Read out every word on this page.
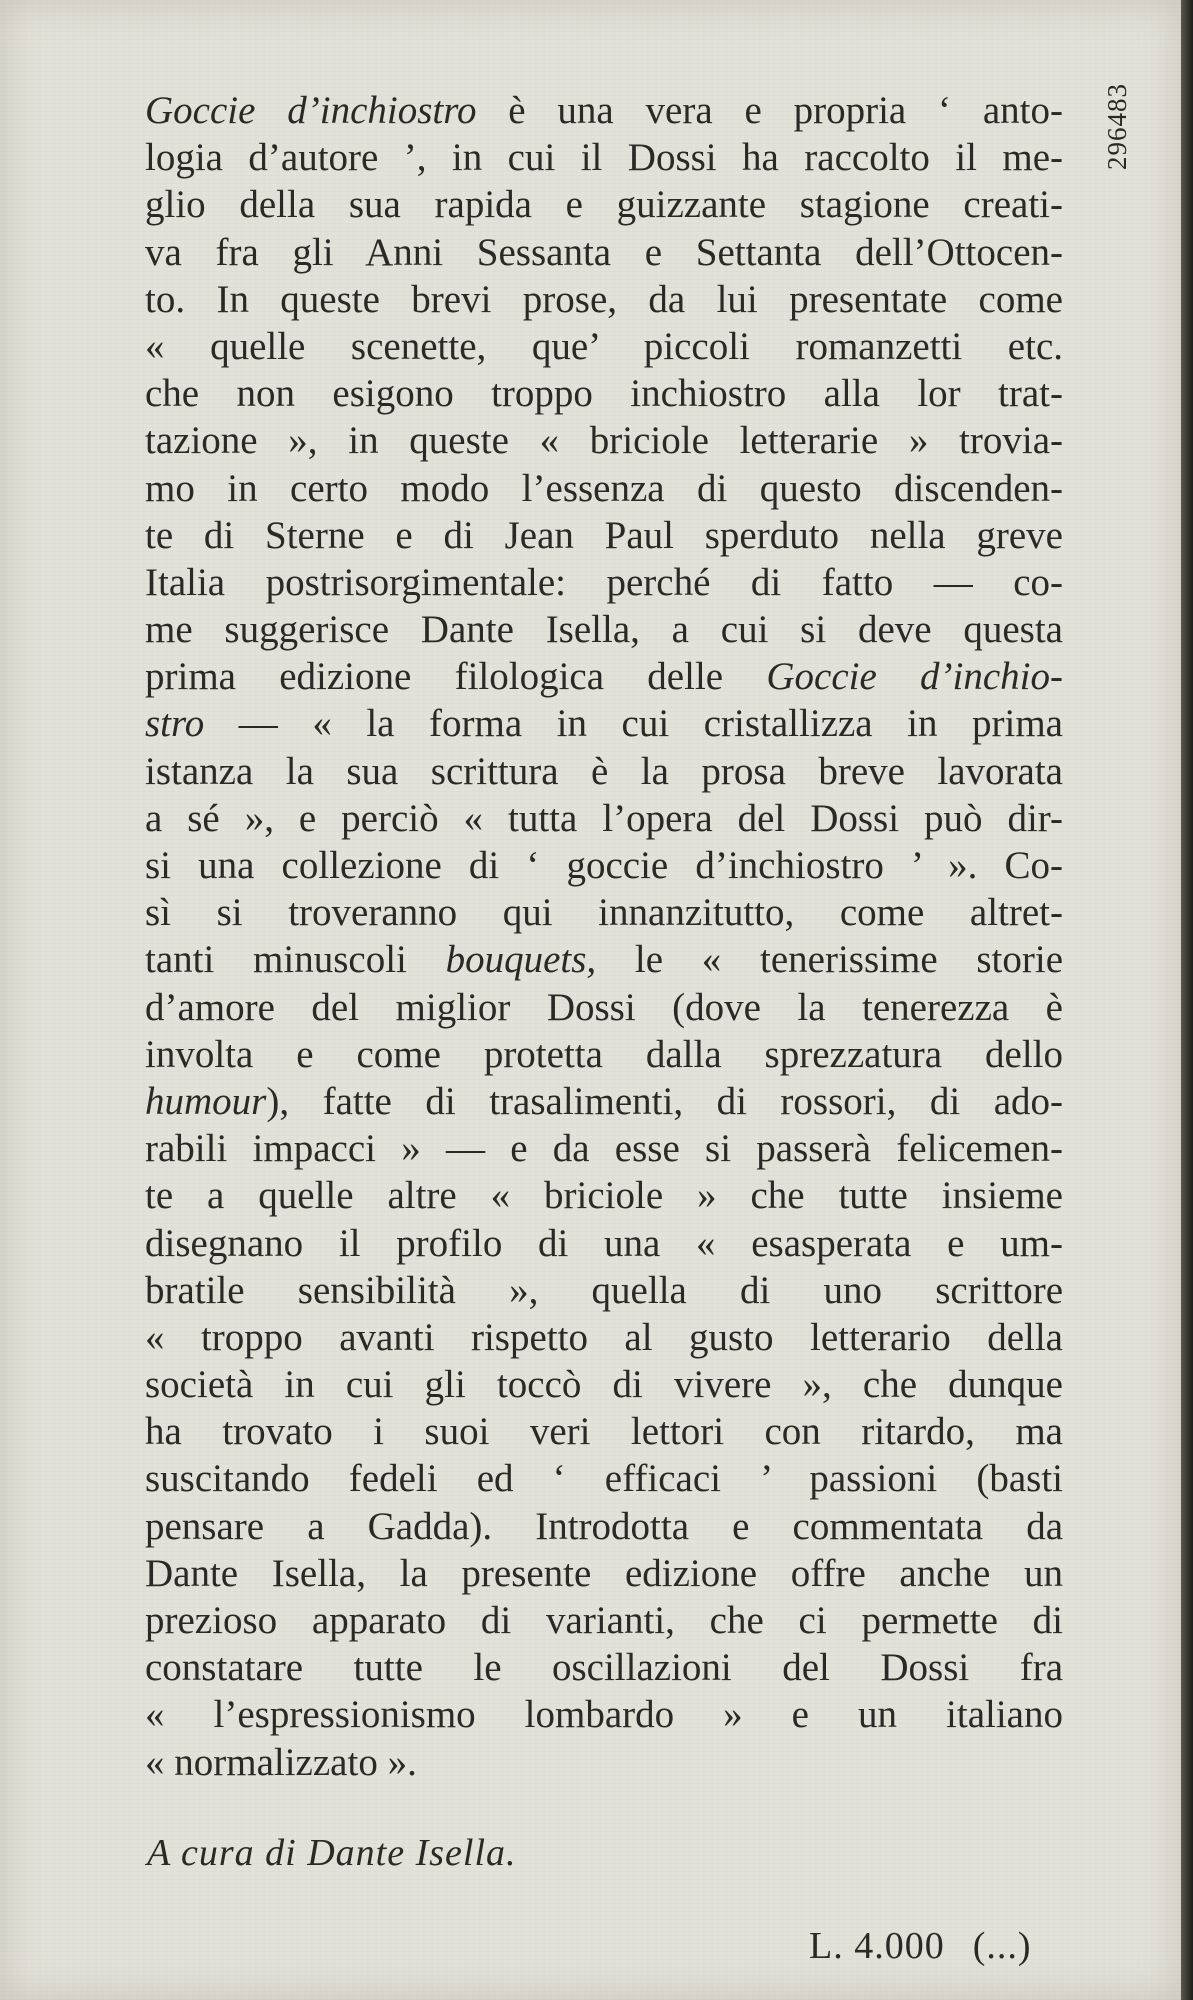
296483
Goccie d’inchiostro è una vera e propria ‘ anto-
logia d’autore ’, in cui il Dossi ha raccolto il me-
glio della sua rapida e guizzante stagione creati-
va fra gli Anni Sessanta e Settanta dell’Ottocen-
to. In queste brevi prose, da lui presentate come
« quelle scenette, que’ piccoli romanzetti etc.
che non esigono troppo inchiostro alla lor trat-
tazione », in queste « briciole letterarie » trovia-
mo in certo modo l’essenza di questo discenden-
te di Sterne e di Jean Paul sperduto nella greve
Italia postrisorgimentale: perché di fatto — co-
me suggerisce Dante Isella, a cui si deve questa
prima edizione filologica delle Goccie d’inchio-
stro — « la forma in cui cristallizza in prima
istanza la sua scrittura è la prosa breve lavorata
a sé », e perciò « tutta l’opera del Dossi può dir-
si una collezione di ‘ goccie d’inchiostro ’ ». Co-
sì si troveranno qui innanzitutto, come altret-
tanti minuscoli bouquets, le « tenerissime storie
d’amore del miglior Dossi (dove la tenerezza è
involta e come protetta dalla sprezzatura dello
humour), fatte di trasalimenti, di rossori, di ado-
rabili impacci » — e da esse si passerà felicemen-
te a quelle altre « briciole » che tutte insieme
disegnano il profilo di una « esasperata e um-
bratile sensibilità », quella di uno scrittore
« troppo avanti rispetto al gusto letterario della
società in cui gli toccò di vivere », che dunque
ha trovato i suoi veri lettori con ritardo, ma
suscitando fedeli ed ‘ efficaci ’ passioni (basti
pensare a Gadda). Introdotta e commentata da
Dante Isella, la presente edizione offre anche un
prezioso apparato di varianti, che ci permette di
constatare tutte le oscillazioni del Dossi fra
« l’espressionismo lombardo » e un italiano
« normalizzato ».
A cura di Dante Isella.
L. 4.000 (...)
